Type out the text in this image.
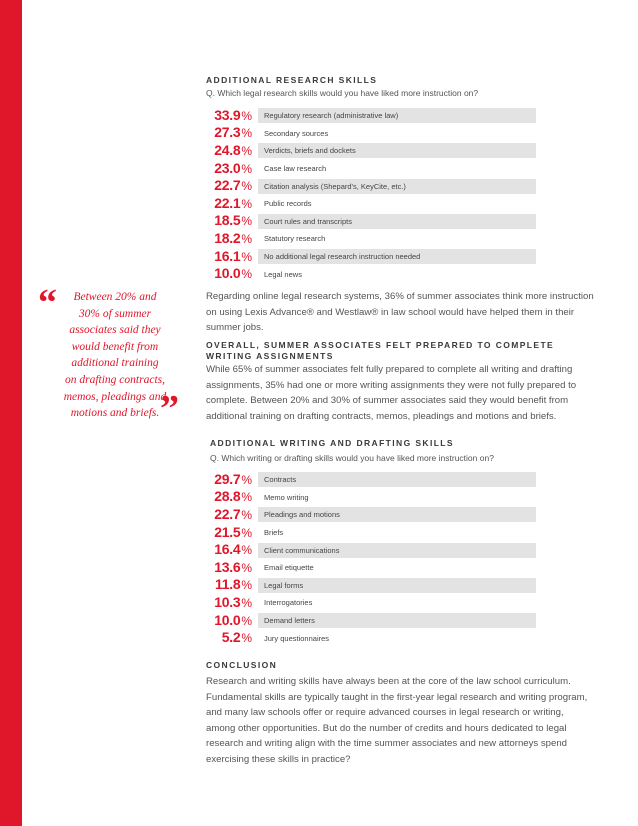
“	Between 20% and
30% of summer
associates said they
would benefit from
additional training
on drafting contracts,
memos, pleadings and
motions and briefs. ”
ADDITIONAL RESEARCH SKILLS
Q. Which legal research skills would you have liked more instruction on?
33.9%	Regulatory research (administrative law)
27.3%	Secondary sources
24.8%	Verdicts, briefs and dockets
23.0%	Case law research
22.7%	Citation analysis (Shepard's, KeyCite, etc.)
22.1%	Public records
18.5%	Court rules and transcripts
18.2%	Statutory research
16.1%	No additional legal research instruction needed
10.0%	Legal news
Regarding online legal research systems, 36% of summer associates think more instruction on using Lexis Advance® and Westlaw® in law school would have helped them in their summer jobs.
OVERALL, SUMMER ASSOCIATES FELT PREPARED TO COMPLETE
WRITING ASSIGNMENTS
While 65% of summer associates felt fully prepared to complete all writing and drafting assignments, 35% had one or more writing assignments they were not fully prepared to complete. Between 20% and 30% of summer associates said they would benefit from additional training on drafting contracts, memos, pleadings and motions and briefs.
ADDITIONAL WRITING AND DRAFTING SKILLS
Q. Which writing or drafting skills would you have liked more instruction on?
29.7%	Contracts
28.8%	Memo writing
22.7%	Pleadings and motions
21.5%	Briefs
16.4%	Client communications
13.6%	Email etiquette
11.8%	Legal forms
10.3%	Interrogatories
10.0%	Demand letters
5.2%	Jury questionnaires
CONCLUSION
Research and writing skills have always been at the core of the law school curriculum. Fundamental skills are typically taught in the first-year legal research and writing program, and many law schools offer or require advanced courses in legal research or writing, among other opportunities. But do the number of credits and hours dedicated to legal research and writing align with the time summer associates and new attorneys spend exercising these skills in practice?
